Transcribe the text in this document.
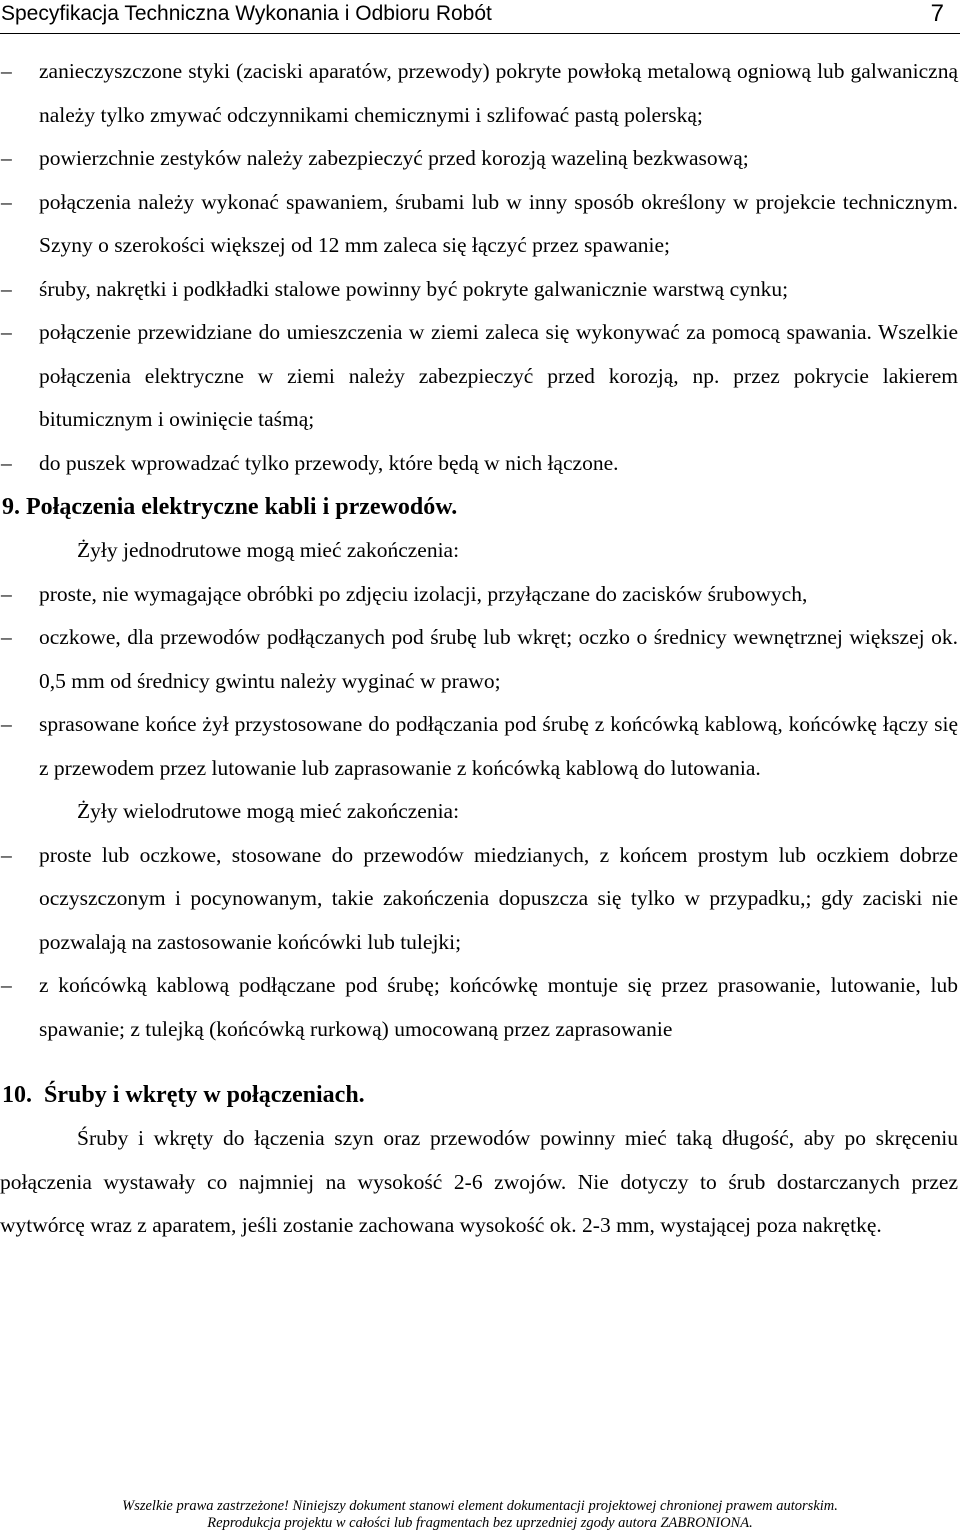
Specyfikacja Techniczna Wykonania i Odbioru Robót	7
– zanieczyszczone styki (zaciski aparatów, przewody) pokryte powłoką metalową ogniową lub galwaniczną należy tylko zmywać odczynnikami chemicznymi i szlifować pastą polerską;

– powierzchnie zestyków należy zabezpieczyć przed korozją wazeliną bezkwasową;

– połączenia należy wykonać spawaniem, śrubami lub w inny sposób określony w projekcie technicznym. Szyny o szerokości większej od 12 mm zaleca się łączyć przez spawanie;

– śruby, nakrętki i podkładki stalowe powinny być pokryte galwanicznie warstwą cynku;

– połączenie przewidziane do umieszczenia w ziemi zaleca się wykonywać za pomocą spawania. Wszelkie połączenia elektryczne w ziemi należy zabezpieczyć przed korozją, np. przez pokrycie lakierem bitumicznym i owinięcie taśmą;

– do puszek wprowadzać tylko przewody, które będą w nich łączone.

9. Połączenia elektryczne kabli i przewodów.

Żyły jednodrutowe mogą mieć zakończenia:

– proste, nie wymagające obróbki po zdjęciu izolacji, przyłączane do zacisków śrubowych,

– oczkowe, dla przewodów podłączanych pod śrubę lub wkręt; oczko o średnicy wewnętrznej większej ok. 0,5 mm od średnicy gwintu należy wyginać w prawo;

– sprasowane końce żył przystosowane do podłączania pod śrubę z końcówką kablową, końcówkę łączy się z przewodem przez lutowanie lub zaprasowanie z końcówką kablową do lutowania.

Żyły wielodrutowe mogą mieć zakończenia:

– proste lub oczkowe, stosowane do przewodów miedzianych, z końcem prostym lub oczkiem dobrze oczyszczonym i pocynowanym, takie zakończenia dopuszcza się tylko w przypadku,; gdy zaciski nie pozwalają na zastosowanie końcówki lub tulejki;

– z końcówką kablową podłączane pod śrubę; końcówkę montuje się przez prasowanie, lutowanie, lub spawanie; z tulejką (końcówką rurkową) umocowaną przez zaprasowanie

10. Śruby i wkręty w połączeniach.

Śruby i wkręty do łączenia szyn oraz przewodów powinny mieć taką długość, aby po skręceniu połączenia wystawały co najmniej na wysokość 2-6 zwojów. Nie dotyczy to śrub dostarczanych przez wytwórcę wraz z aparatem, jeśli zostanie zachowana wysokość ok. 2-3 mm, wystającej poza nakrętkę.

Wszelkie prawa zastrzeżone! Niniejszy dokument stanowi element dokumentacji projektowej chronionej prawem autorskim.
Reprodukcja projektu w całości lub fragmentach bez uprzedniej zgody autora ZABRONIONA.
